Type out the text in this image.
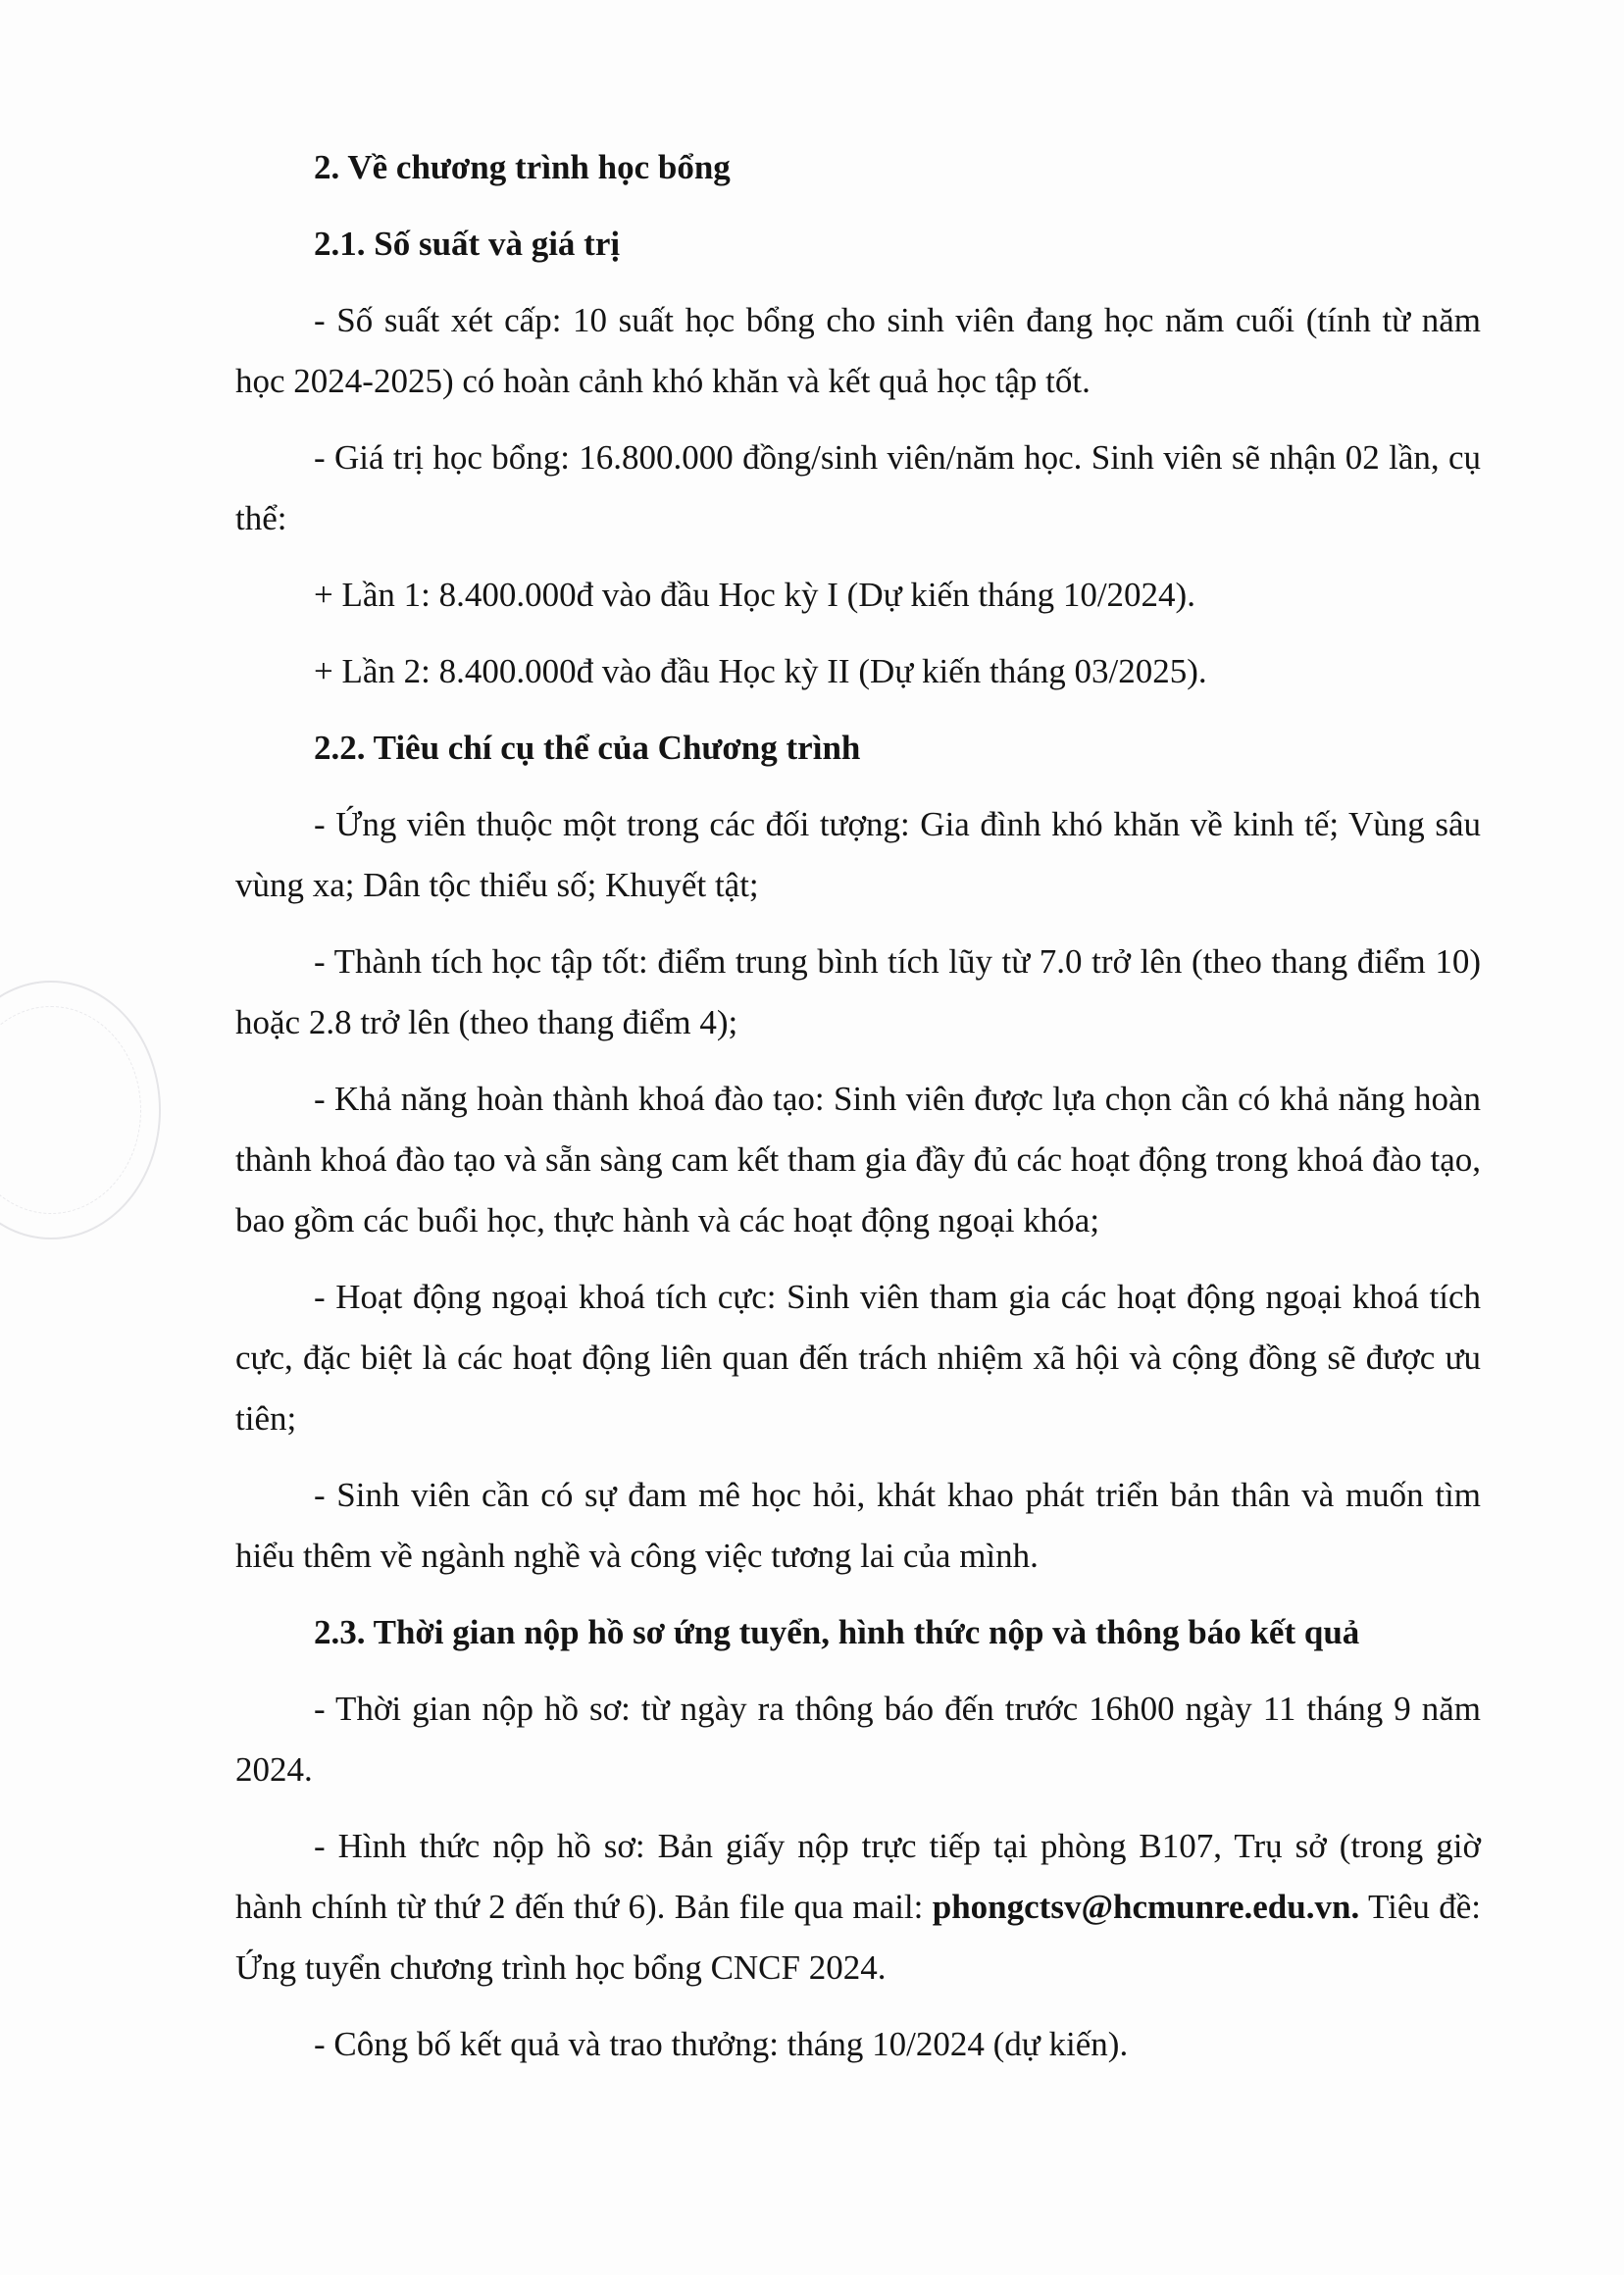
2. Về chương trình học bổng
2.1. Số suất và giá trị

- Số suất xét cấp: 10 suất học bổng cho sinh viên đang học năm cuối (tính từ năm học 2024-2025) có hoàn cảnh khó khăn và kết quả học tập tốt.

- Giá trị học bổng: 16.800.000 đồng/sinh viên/năm học. Sinh viên sẽ nhận 02 lần, cụ thể:

+ Lần 1: 8.400.000đ vào đầu Học kỳ I (Dự kiến tháng 10/2024).

+ Lần 2: 8.400.000đ vào đầu Học kỳ II (Dự kiến tháng 03/2025).

2.2. Tiêu chí cụ thể của Chương trình

- Ứng viên thuộc một trong các đối tượng: Gia đình khó khăn về kinh tế; Vùng sâu vùng xa; Dân tộc thiểu số; Khuyết tật;

- Thành tích học tập tốt: điểm trung bình tích lũy từ 7.0 trở lên (theo thang điểm 10) hoặc 2.8 trở lên (theo thang điểm 4);

- Khả năng hoàn thành khoá đào tạo: Sinh viên được lựa chọn cần có khả năng hoàn thành khoá đào tạo và sẵn sàng cam kết tham gia đầy đủ các hoạt động trong khoá đào tạo, bao gồm các buổi học, thực hành và các hoạt động ngoại khóa;

- Hoạt động ngoại khoá tích cực: Sinh viên tham gia các hoạt động ngoại khoá tích cực, đặc biệt là các hoạt động liên quan đến trách nhiệm xã hội và cộng đồng sẽ được ưu tiên;

- Sinh viên cần có sự đam mê học hỏi, khát khao phát triển bản thân và muốn tìm hiểu thêm về ngành nghề và công việc tương lai của mình.

2.3. Thời gian nộp hồ sơ ứng tuyển, hình thức nộp và thông báo kết quả

- Thời gian nộp hồ sơ: từ ngày ra thông báo đến trước 16h00 ngày 11 tháng 9 năm 2024.

- Hình thức nộp hồ sơ: Bản giấy nộp trực tiếp tại phòng B107, Trụ sở (trong giờ hành chính từ thứ 2 đến thứ 6). Bản file qua mail: phongctsv@hcmunre.edu.vn. Tiêu đề: Ứng tuyển chương trình học bổng CNCF 2024.

- Công bố kết quả và trao thưởng: tháng 10/2024 (dự kiến).
